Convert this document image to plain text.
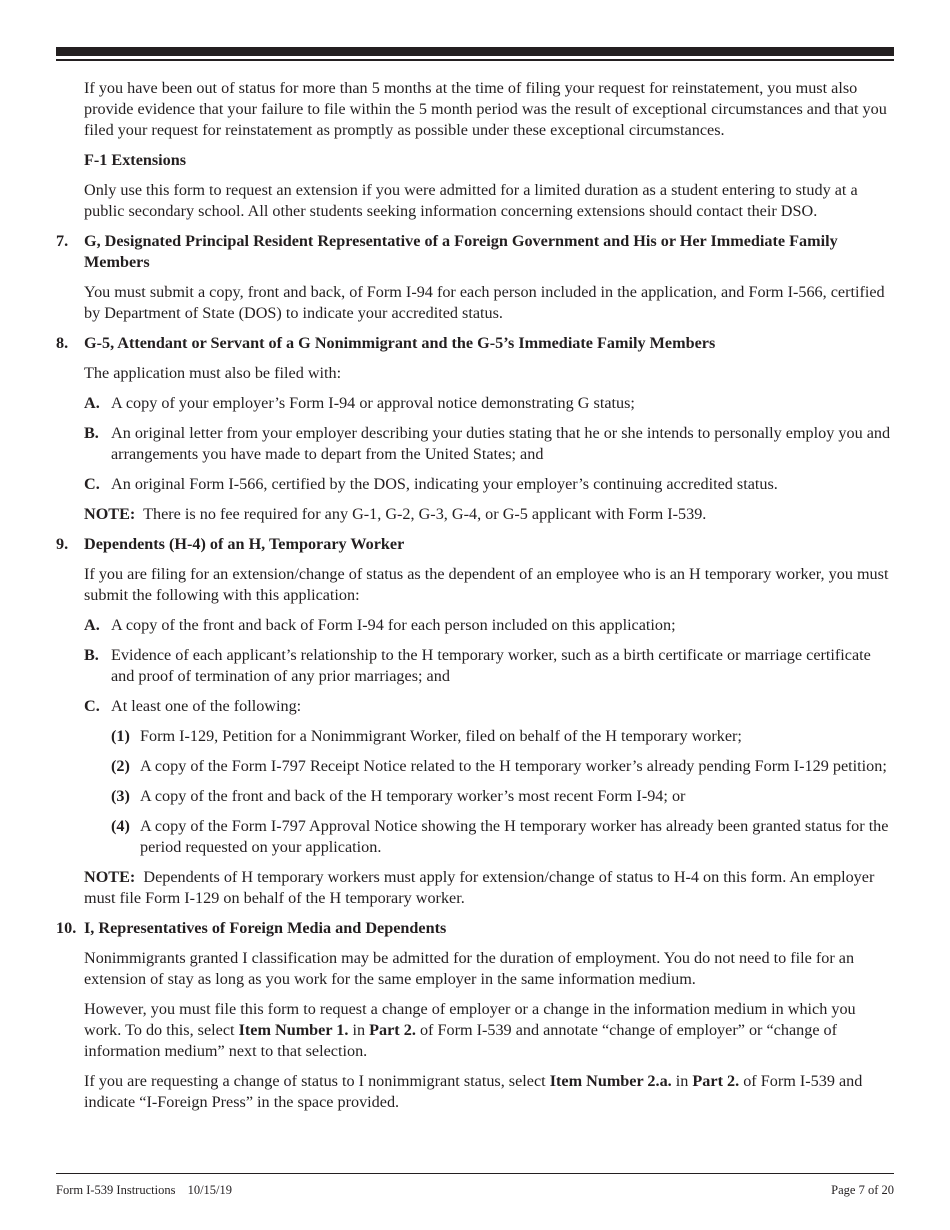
If you have been out of status for more than 5 months at the time of filing your request for reinstatement, you must also provide evidence that your failure to file within the 5 month period was the result of exceptional circumstances and that you filed your request for reinstatement as promptly as possible under these exceptional circumstances.

F-1 Extensions

Only use this form to request an extension if you were admitted for a limited duration as a student entering to study at a public secondary school. All other students seeking information concerning extensions should contact their DSO.

7. G, Designated Principal Resident Representative of a Foreign Government and His or Her Immediate Family Members

You must submit a copy, front and back, of Form I-94 for each person included in the application, and Form I-566, certified by Department of State (DOS) to indicate your accredited status.

8. G-5, Attendant or Servant of a G Nonimmigrant and the G-5’s Immediate Family Members

The application must also be filed with:

A. A copy of your employer’s Form I-94 or approval notice demonstrating G status;
B. An original letter from your employer describing your duties stating that he or she intends to personally employ you and arrangements you have made to depart from the United States; and
C. An original Form I-566, certified by the DOS, indicating your employer’s continuing accredited status.

NOTE: There is no fee required for any G-1, G-2, G-3, G-4, or G-5 applicant with Form I-539.

9. Dependents (H-4) of an H, Temporary Worker

If you are filing for an extension/change of status as the dependent of an employee who is an H temporary worker, you must submit the following with this application:

A. A copy of the front and back of Form I-94 for each person included on this application;
B. Evidence of each applicant’s relationship to the H temporary worker, such as a birth certificate or marriage certificate and proof of termination of any prior marriages; and
C. At least one of the following:
(1) Form I-129, Petition for a Nonimmigrant Worker, filed on behalf of the H temporary worker;
(2) A copy of the Form I-797 Receipt Notice related to the H temporary worker’s already pending Form I-129 petition;
(3) A copy of the front and back of the H temporary worker’s most recent Form I-94; or
(4) A copy of the Form I-797 Approval Notice showing the H temporary worker has already been granted status for the period requested on your application.

NOTE: Dependents of H temporary workers must apply for extension/change of status to H-4 on this form. An employer must file Form I-129 on behalf of the H temporary worker.

10. I, Representatives of Foreign Media and Dependents

Nonimmigrants granted I classification may be admitted for the duration of employment. You do not need to file for an extension of stay as long as you work for the same employer in the same information medium.

However, you must file this form to request a change of employer or a change in the information medium in which you work. To do this, select Item Number 1. in Part 2. of Form I-539 and annotate “change of employer” or “change of information medium” next to that selection.

If you are requesting a change of status to I nonimmigrant status, select Item Number 2.a. in Part 2. of Form I-539 and indicate “I-Foreign Press” in the space provided.

Form I-539 Instructions 10/15/19	Page 7 of 20
